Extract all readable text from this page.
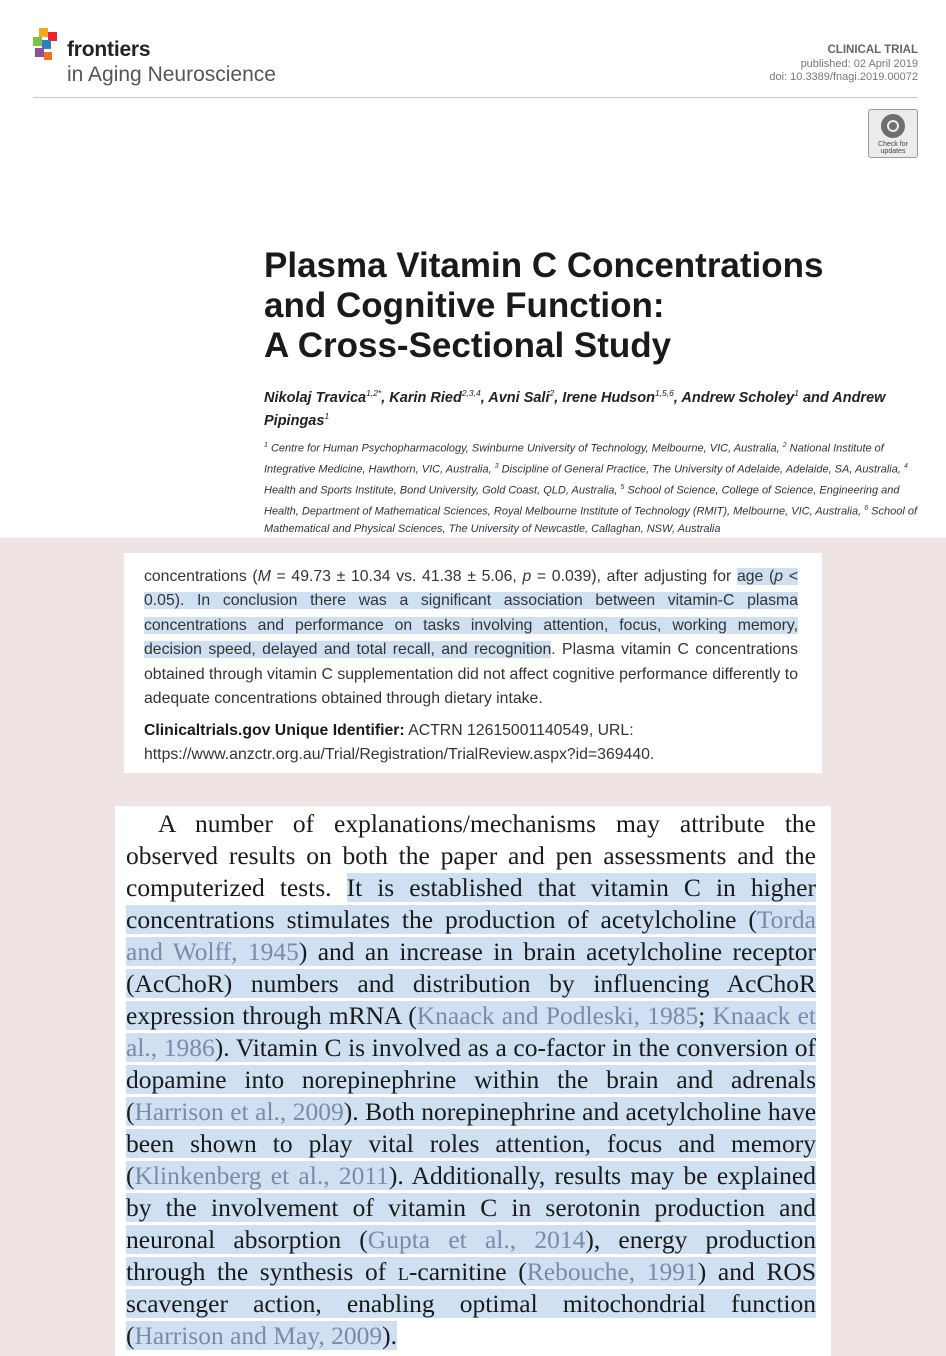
frontiers
in Aging Neuroscience
CLINICAL TRIAL
published: 02 April 2019
doi: 10.3389/fnagi.2019.00072
Check for updates
Plasma Vitamin C Concentrations
and Cognitive Function:
A Cross-Sectional Study
Nikolaj Travica$^{1,2*}$, Karin Ried$^{2,3,4}$, Avni Sali$^2$, Irene Hudson$^{1,5,6}$, Andrew Scholey$^1$ and Andrew Pipingas$^1$
$^1$ Centre for Human Psychopharmacology, Swinburne University of Technology, Melbourne, VIC, Australia, $^2$ National Institute of Integrative Medicine, Hawthorn, VIC, Australia, $^3$ Discipline of General Practice, The University of Adelaide, Adelaide, SA, Australia, $^4$ Health and Sports Institute, Bond University, Gold Coast, QLD, Australia, $^5$ School of Science, College of Science, Engineering and Health, Department of Mathematical Sciences, Royal Melbourne Institute of Technology (RMIT), Melbourne, VIC, Australia, $^6$ School of Mathematical and Physical Sciences, The University of Newcastle, Callaghan, NSW, Australia
concentrations (M = 49.73 ± 10.34 vs. 41.38 ± 5.06, p = 0.039), after adjusting for age (p < 0.05). In conclusion there was a significant association between vitamin-C plasma concentrations and performance on tasks involving attention, focus, working memory, decision speed, delayed and total recall, and recognition. Plasma vitamin C concentrations obtained through vitamin C supplementation did not affect cognitive performance differently to adequate concentrations obtained through dietary intake.
Clinicaltrials.gov Unique Identifier: ACTRN 12615001140549, URL: https://www.anzctr.org.au/Trial/Registration/TrialReview.aspx?id=369440.
A number of explanations/mechanisms may attribute the observed results on both the paper and pen assessments and the computerized tests. It is established that vitamin C in higher concentrations stimulates the production of acetylcholine (Torda and Wolff, 1945) and an increase in brain acetylcholine receptor (AcChoR) numbers and distribution by influencing AcChoR expression through mRNA (Knaack and Podleski, 1985; Knaack et al., 1986). Vitamin C is involved as a co-factor in the conversion of dopamine into norepinephrine within the brain and adrenals (Harrison et al., 2009). Both norepinephrine and acetylcholine have been shown to play vital roles attention, focus and memory (Klinkenberg et al., 2011). Additionally, results may be explained by the involvement of vitamin C in serotonin production and neuronal absorption (Gupta et al., 2014), energy production through the synthesis of l-carnitine (Rebouche, 1991) and ROS scavenger action, enabling optimal mitochondrial function (Harrison and May, 2009).
